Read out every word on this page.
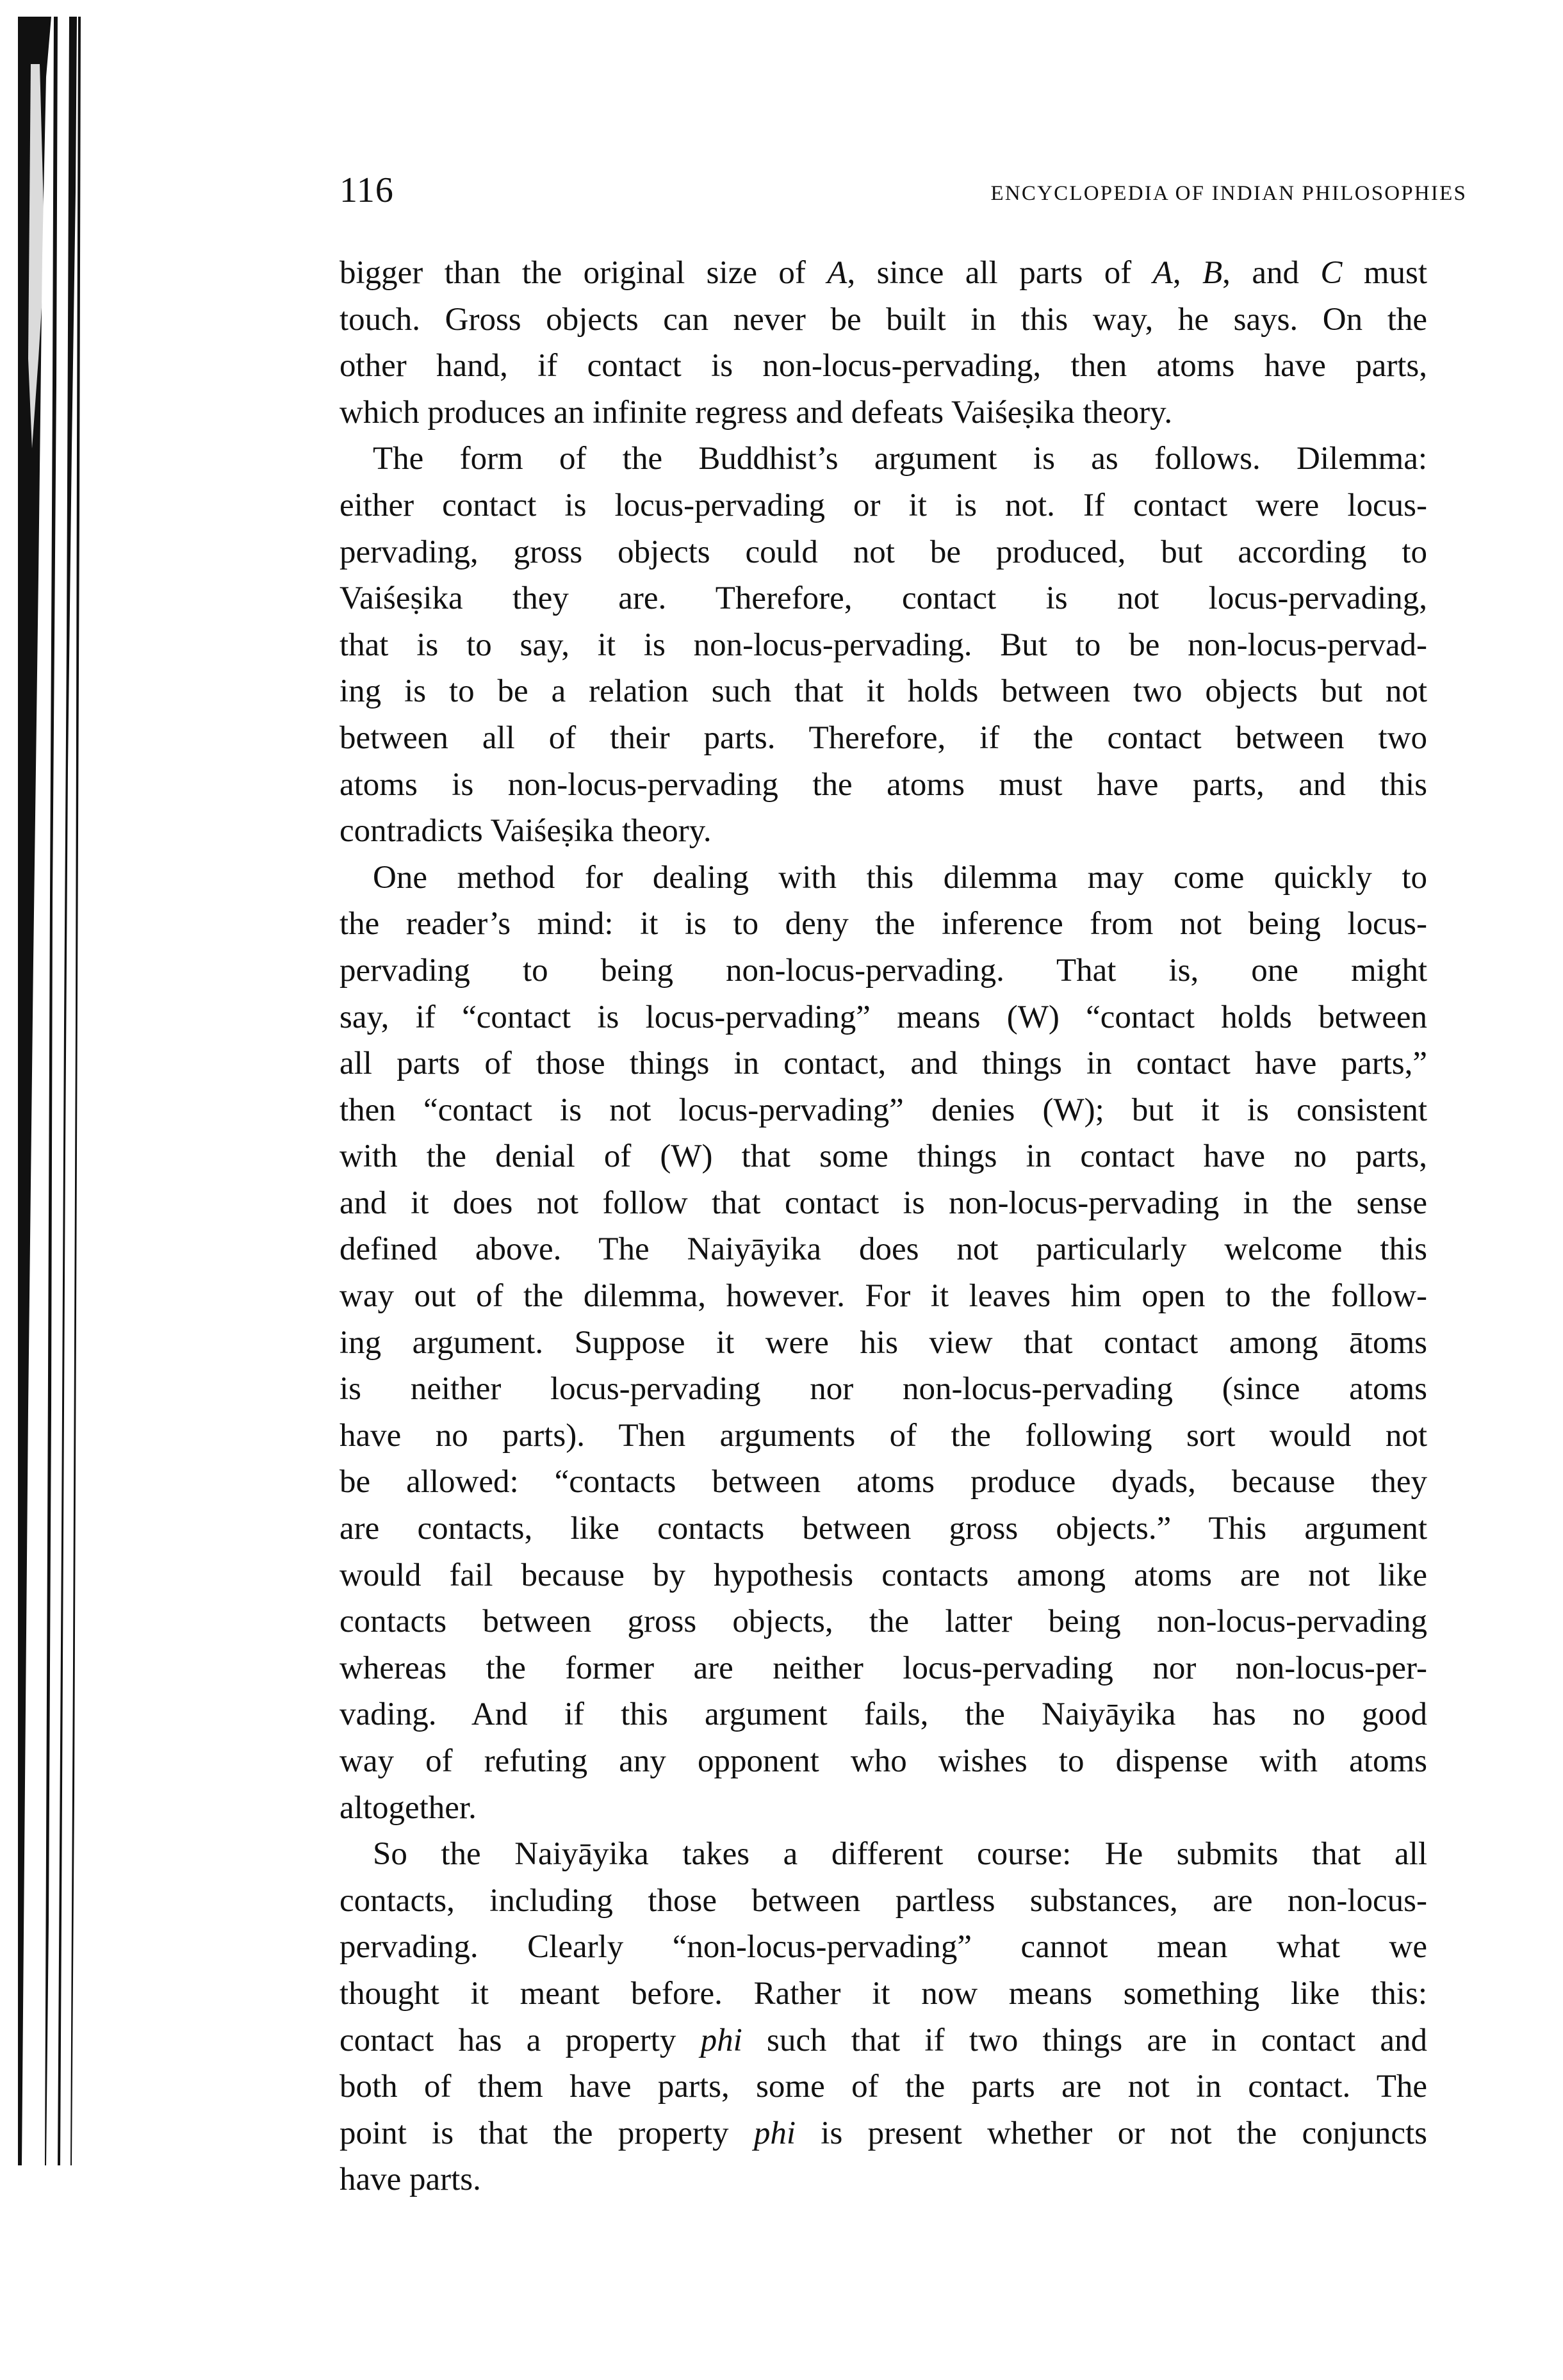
116	ENCYCLOPEDIA OF INDIAN PHILOSOPHIES
bigger than the original size of A, since all parts of A, B, and C must
touch. Gross objects can never be built in this way, he says. On the
other hand, if contact is non-locus-pervading, then atoms have parts,
which produces an infinite regress and defeats Vaiśeṣika theory.
The form of the Buddhist’s argument is as follows. Dilemma:
either contact is locus-pervading or it is not. If contact were locus-
pervading, gross objects could not be produced, but according to
Vaiśeṣika they are. Therefore, contact is not locus-pervading,
that is to say, it is non-locus-pervading. But to be non-locus-pervad-
ing is to be a relation such that it holds between two objects but not
between all of their parts. Therefore, if the contact between two
atoms is non-locus-pervading the atoms must have parts, and this
contradicts Vaiśeṣika theory.
One method for dealing with this dilemma may come quickly to
the reader’s mind: it is to deny the inference from not being locus-
pervading to being non-locus-pervading. That is, one might
say, if “contact is locus-pervading” means (W) “contact holds between
all parts of those things in contact, and things in contact have parts,”
then “contact is not locus-pervading” denies (W); but it is consistent
with the denial of (W) that some things in contact have no parts,
and it does not follow that contact is non-locus-pervading in the sense
defined above. The Naiyāyika does not particularly welcome this
way out of the dilemma, however. For it leaves him open to the follow-
ing argument. Suppose it were his view that contact among ātoms
is neither locus-pervading nor non-locus-pervading (since atoms
have no parts). Then arguments of the following sort would not
be allowed: “contacts between atoms produce dyads, because they
are contacts, like contacts between gross objects.” This argument
would fail because by hypothesis contacts among atoms are not like
contacts between gross objects, the latter being non-locus-pervading
whereas the former are neither locus-pervading nor non-locus-per-
vading. And if this argument fails, the Naiyāyika has no good
way of refuting any opponent who wishes to dispense with atoms
altogether.
So the Naiyāyika takes a different course: He submits that all
contacts, including those between partless substances, are non-locus-
pervading. Clearly “non-locus-pervading” cannot mean what we
thought it meant before. Rather it now means something like this:
contact has a property phi such that if two things are in contact and
both of them have parts, some of the parts are not in contact. The
point is that the property phi is present whether or not the conjuncts
have parts.
